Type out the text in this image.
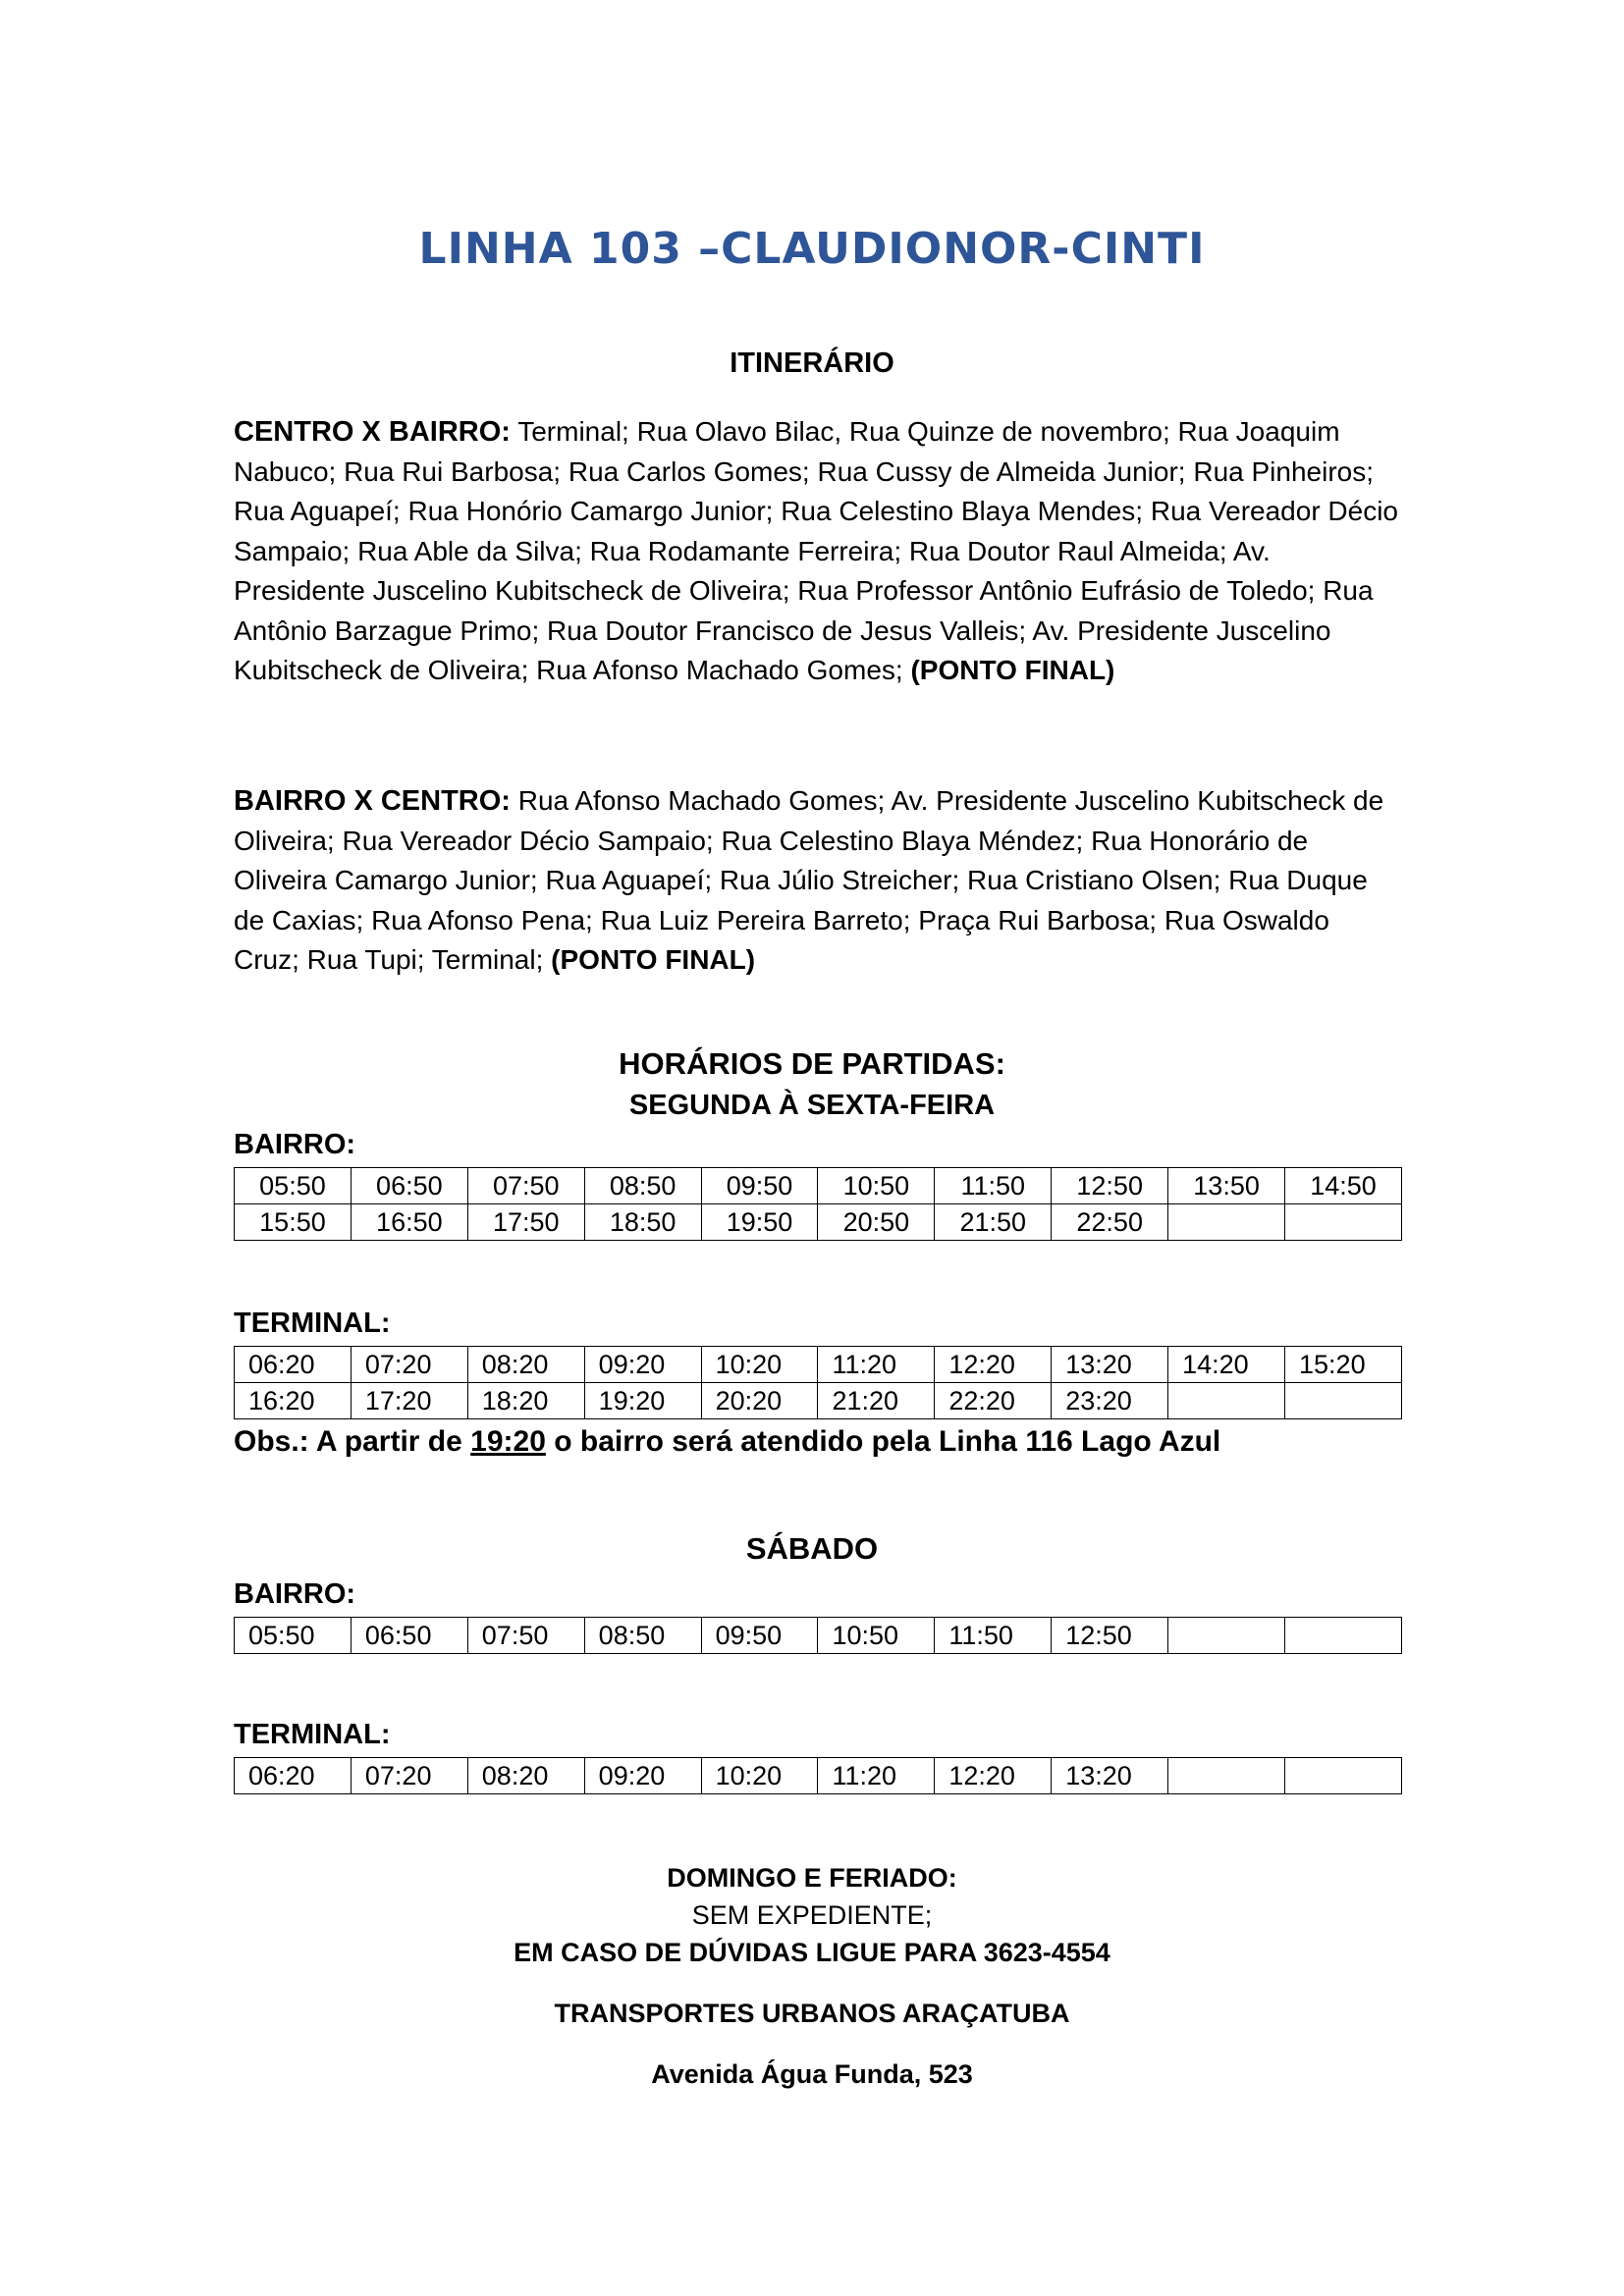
LINHA 103 –CLAUDIONOR-CINTI
ITINERÁRIO
CENTRO X BAIRRO: Terminal; Rua Olavo Bilac, Rua Quinze de novembro; Rua Joaquim Nabuco; Rua Rui Barbosa; Rua Carlos Gomes; Rua Cussy de Almeida Junior; Rua Pinheiros; Rua Aguapeí; Rua Honório Camargo Junior; Rua Celestino Blaya Mendes; Rua Vereador Décio Sampaio; Rua Able da Silva; Rua Rodamante Ferreira; Rua Doutor Raul Almeida; Av. Presidente Juscelino Kubitscheck de Oliveira; Rua Professor Antônio Eufrásio de Toledo; Rua Antônio Barzague Primo; Rua Doutor Francisco de Jesus Valleis; Av. Presidente Juscelino Kubitscheck de Oliveira; Rua Afonso Machado Gomes; (PONTO FINAL)
BAIRRO X CENTRO: Rua Afonso Machado Gomes; Av. Presidente Juscelino Kubitscheck de Oliveira; Rua Vereador Décio Sampaio; Rua Celestino Blaya Méndez; Rua Honorário de Oliveira Camargo Junior; Rua Aguapeí; Rua Júlio Streicher; Rua Cristiano Olsen; Rua Duque de Caxias; Rua Afonso Pena; Rua Luiz Pereira Barreto; Praça Rui Barbosa; Rua Oswaldo Cruz; Rua Tupi; Terminal; (PONTO FINAL)
HORÁRIOS DE PARTIDAS:
SEGUNDA À SEXTA-FEIRA
BAIRRO:
05:50	06:50	07:50	08:50	09:50	10:50	11:50	12:50	13:50	14:50
15:50	16:50	17:50	18:50	19:50	20:50	21:50	22:50		
TERMINAL:
06:20	07:20	08:20	09:20	10:20	11:20	12:20	13:20	14:20	15:20
16:20	17:20	18:20	19:20	20:20	21:20	22:20	23:20		
Obs.: A partir de 19:20 o bairro será atendido pela Linha 116 Lago Azul
SÁBADO
BAIRRO:
05:50	06:50	07:50	08:50	09:50	10:50	11:50	12:50		
TERMINAL:
06:20	07:20	08:20	09:20	10:20	11:20	12:20	13:20		
DOMINGO E FERIADO:
SEM EXPEDIENTE;
EM CASO DE DÚVIDAS LIGUE PARA 3623-4554
TRANSPORTES URBANOS ARAÇATUBA
Avenida Água Funda, 523
